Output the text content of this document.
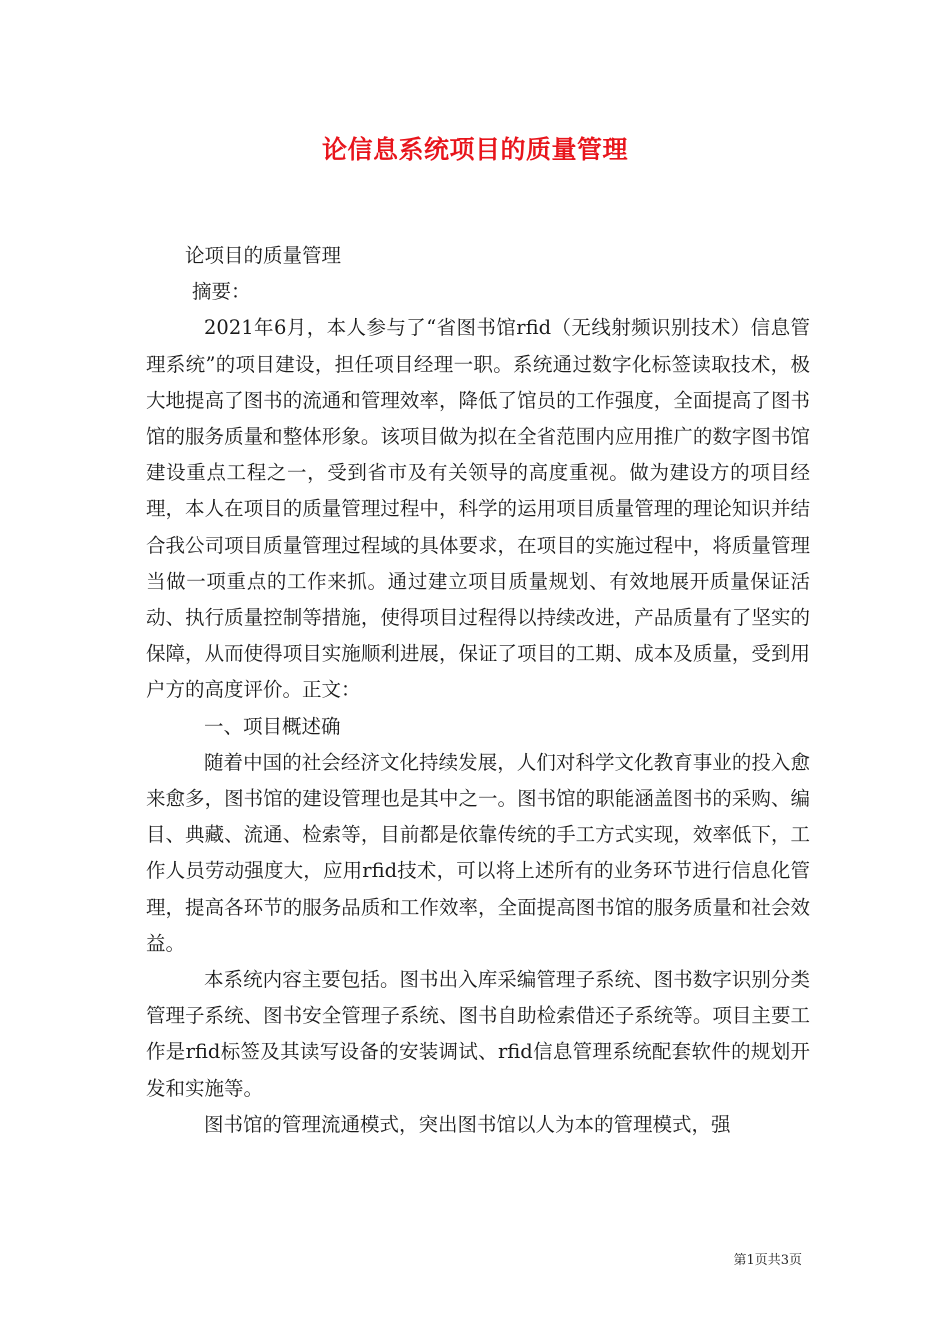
论信息系统项目的质量管理

论项目的质量管理

摘要：

2021年6月，本人参与了“省图书馆rfid（无线射频识别技术）信息管理系统”的项目建设，担任项目经理一职。系统通过数字化标签读取技术，极大地提高了图书的流通和管理效率，降低了馆员的工作强度，全面提高了图书馆的服务质量和整体形象。该项目做为拟在全省范围内应用推广的数字图书馆建设重点工程之一，受到省市及有关领导的高度重视。做为建设方的项目经理，本人在项目的质量管理过程中，科学的运用项目质量管理的理论知识并结合我公司项目质量管理过程域的具体要求，在项目的实施过程中，将质量管理当做一项重点的工作来抓。通过建立项目质量规划、有效地展开质量保证活动、执行质量控制等措施，使得项目过程得以持续改进，产品质量有了坚实的保障，从而使得项目实施顺利进展，保证了项目的工期、成本及质量，受到用户方的高度评价。正文：

一、项目概述确

随着中国的社会经济文化持续发展，人们对科学文化教育事业的投入愈来愈多，图书馆的建设管理也是其中之一。图书馆的职能涵盖图书的采购、编目、典藏、流通、检索等，目前都是依靠传统的手工方式实现，效率低下，工作人员劳动强度大，应用rfid技术，可以将上述所有的业务环节进行信息化管理，提高各环节的服务品质和工作效率，全面提高图书馆的服务质量和社会效益。

本系统内容主要包括。图书出入库采编管理子系统、图书数字识别分类管理子系统、图书安全管理子系统、图书自助检索借还子系统等。项目主要工作是rfid标签及其读写设备的安装调试、rfid信息管理系统配套软件的规划开发和实施等。

图书馆的管理流通模式，突出图书馆以人为本的管理模式，强

第1页共3页
